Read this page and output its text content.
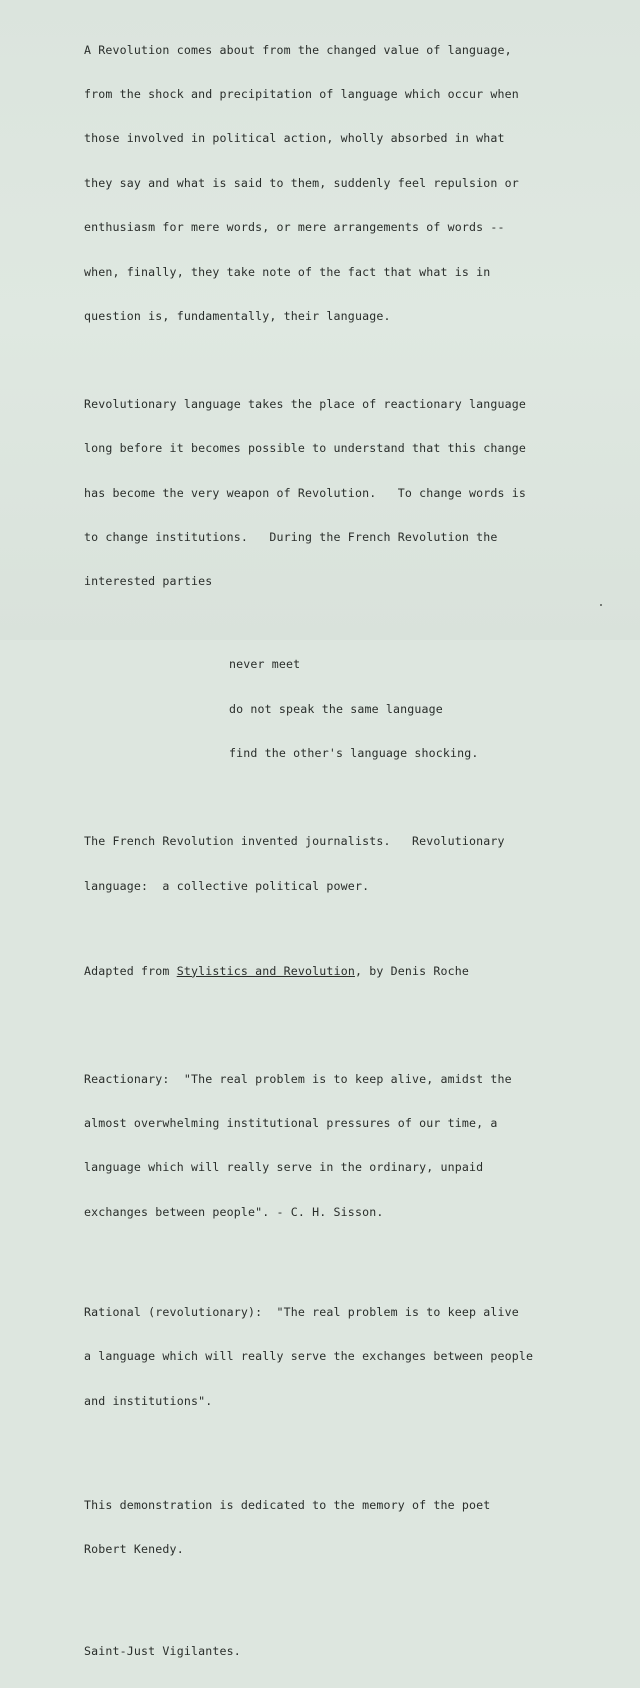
A Revolution comes about from the changed value of language,

from the shock and precipitation of language which occur when

those involved in political action, wholly absorbed in what

they say and what is said to them, suddenly feel repulsion or

enthusiasm for mere words, or mere arrangements of words --

when, finally, they take note of the fact that what is in

question is, fundamentally, their language.

Revolutionary language takes the place of reactionary language

long before it becomes possible to understand that this change

has become the very weapon of Revolution.   To change words is

to change institutions.   During the French Revolution the

interested parties

never meet

do not speak the same language

find the other's language shocking.

The French Revolution invented journalists.   Revolutionary

language:  a collective political power.

Adapted from Stylistics and Revolution, by Denis Roche

Reactionary:  "The real problem is to keep alive, amidst the

almost overwhelming institutional pressures of our time, a

language which will really serve in the ordinary, unpaid

exchanges between people". - C. H. Sisson.

Rational (revolutionary):  "The real problem is to keep alive

a language which will really serve the exchanges between people

and institutions".

This demonstration is dedicated to the memory of the poet

Robert Kenedy.

Saint-Just Vigilantes.
